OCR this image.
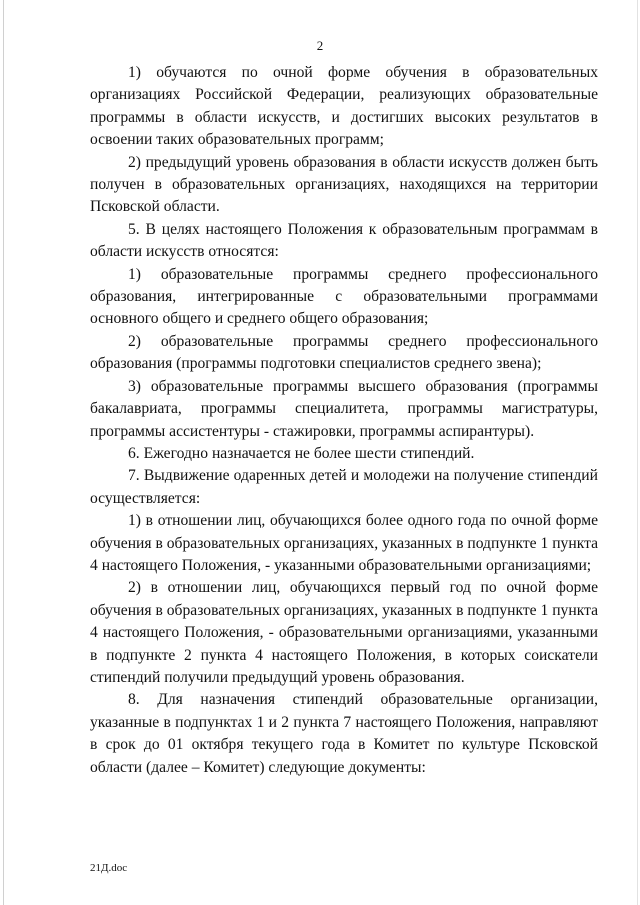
2

1) обучаются по очной форме обучения в образовательных организациях Российской Федерации, реализующих образовательные программы в области искусств, и достигших высоких результатов в освоении таких образовательных программ;

2) предыдущий уровень образования в области искусств должен быть получен в образовательных организациях, находящихся на территории Псковской области.

5. В целях настоящего Положения к образовательным программам в области искусств относятся:

1) образовательные программы среднего профессионального образования, интегрированные с образовательными программами основного общего и среднего общего образования;

2) образовательные программы среднего профессионального образования (программы подготовки специалистов среднего звена);

3) образовательные программы высшего образования (программы бакалавриата, программы специалитета, программы магистратуры, программы ассистентуры - стажировки, программы аспирантуры).

6. Ежегодно назначается не более шести стипендий.

7. Выдвижение одаренных детей и молодежи на получение стипендий осуществляется:

1) в отношении лиц, обучающихся более одного года по очной форме обучения в образовательных организациях, указанных в подпункте 1 пункта 4 настоящего Положения, - указанными образовательными организациями;

2) в отношении лиц, обучающихся первый год по очной форме обучения в образовательных организациях, указанных в подпункте 1 пункта 4 настоящего Положения, - образовательными организациями, указанными в подпункте 2 пункта 4 настоящего Положения, в которых соискатели стипендий получили предыдущий уровень образования.

8. Для назначения стипендий образовательные организации, указанные в подпунктах 1 и 2 пункта 7 настоящего Положения, направляют в срок до 01 октября текущего года в Комитет по культуре Псковской области (далее – Комитет) следующие документы:

21Д.doc
